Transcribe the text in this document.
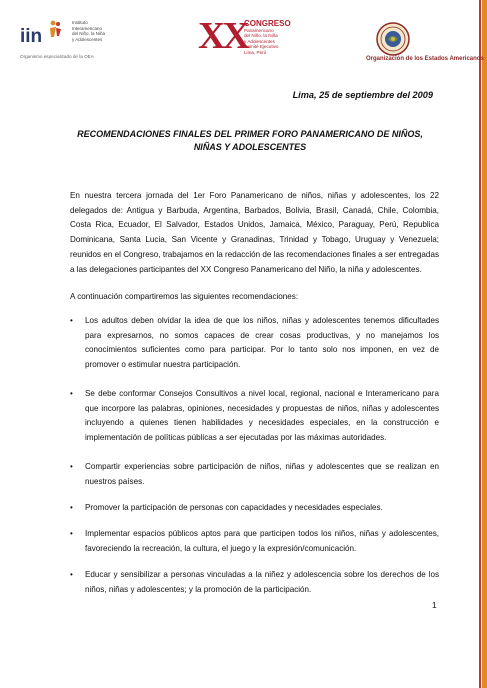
iin
Instituto
Interamericano
del Niño, la Niña
y Adolescentes
Organismo especializado de la OEA	XX
CONGRESO
Panamericano
del Niño, la Niña
y Adolescentes
Comité Ejecutivo
Lima, Perú
Organización de los Estados Americanos
Lima, 25 de septiembre del 2009
RECOMENDACIONES FINALES DEL PRIMER FORO PANAMERICANO DE NIÑOS,
NIÑAS Y ADOLESCENTES
En nuestra tercera jornada del 1er Foro Panamericano de niños, niñas y adolescentes, los 22 delegados de: Antigua y Barbuda, Argentina, Barbados, Bolivia, Brasil, Canadá, Chile, Colombia, Costa Rica, Ecuador, El Salvador, Estados Unidos, Jamaica, México, Paraguay, Perú, Republica Dominicana, Santa Lucia, San Vicente y Granadinas, Trinidad y Tobago, Uruguay y Venezuela; reunidos en el Congreso, trabajamos en la redacción de las recomendaciones finales a ser entregadas a las delegaciones participantes del XX Congreso Panamericano del Niño, la niña y adolescentes.
A continuación compartiremos las siguientes recomendaciones:
• Los adultos deben olvidar la idea de que los niños, niñas y adolescentes tenemos dificultades para expresarnos, no somos capaces de crear cosas productivas, y no manejamos los conocimientos suficientes como para participar. Por lo tanto solo nos imponen, en vez de promover o estimular nuestra participación.
• Se debe conformar Consejos Consultivos a nivel local, regional, nacional e Interamericano para que incorpore las palabras, opiniones, necesidades y propuestas de niños, niñas y adolescentes incluyendo a quienes tienen habilidades y necesidades especiales, en la construcción e implementación de políticas públicas a ser ejecutadas por las máximas autoridades.
• Compartir experiencias sobre participación de niños, niñas y adolescentes que se realizan en nuestros países.
• Promover la participación de personas con capacidades y necesidades especiales.
• Implementar espacios públicos aptos para que participen todos los niños, niñas y adolescentes, favoreciendo la recreación, la cultura, el juego y la expresión/comunicación.
• Educar y sensibilizar a personas vinculadas a la niñez y adolescencia sobre los derechos de los niños, niñas y adolescentes; y la promoción de la participación.
1
